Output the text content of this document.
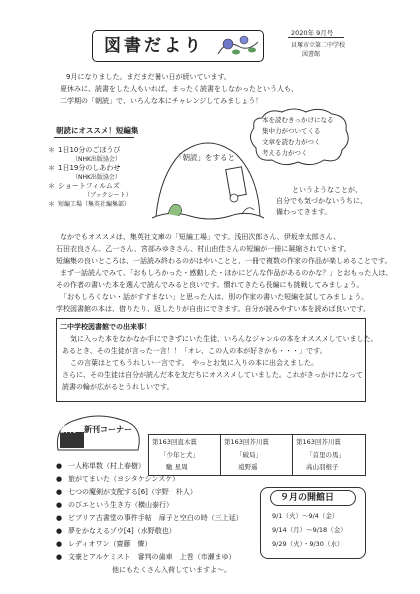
図書だより
2020年 9月号
貝塚市立第二中学校
図書館
9月になりました。まだまだ暑い日が続いています。
夏休みに、読書をした人もいれば、まったく読書をしなかったという人も、
二学期の「朝読」で、いろんな本にチャレンジしてみましょう！
本を読むきっかけになる
集中力がついてくる
文章を読む力がつく
考える力がつく
朝読にオススメ！短編集
＊ 1日10分のごほうび
（NHK出版協会）
＊ 1日19分のしあわせ
（NHK出版協会）
＊ ショートフィルムズ
（ブックシート）
＊ 短編工場（集英社編集部）
「朝読」をすると
というようなことが、
自分でも気づかないうちに、
備わってきます。
なかでもオススメは、集英社文庫の「短編工場」です。浅田次郎さん、伊坂幸太郎さん、
石田衣良さん、乙一さん、宮部みゆきさん、村山由佳さんの短編が一冊に凝縮されています。
短編集の良いところは、一話読み終わるのがはやいことと、一冊で複数の作家の作品が楽しめることです。
まず一話読んでみて、「おもしろかった・感動した・ほかにどんな作品があるのかな？」とおもった人は、
その作者の書いた本を選んで読んでみると良いです。慣れてきたら長編にも挑戦してみましょう。
「おもしろくない・話がすすまない」と思った人は、別の作家の書いた短編を試してみましょう。
学校図書館の本は、借りたり、返したりが自由にできます。自分が読みやすい本を読めば良いです。
二中学校図書館での出来事！
気に入った本をなかなか手にできずにいた生徒、いろんなジャンルの本をオススメしていました。
あるとき、その生徒が言った一言！！「オレ、この人の本が好きかも・・・」です。
この言葉はとてもうれしい一言です。　やっとお気に入りの本に出会えました。
さらに、その生徒は自分が読んだ本を友だちにオススメしていました。これがきっかけになって
読書の輪が広がるとうれしいです。
新刊 新刊コーナー
● 一人称単数（村上春樹）
● 旅がてまいた（ヨシタケシンスケ）
● 七つの魔剣が支配する[6]（宇野　朴人）
● のびエという生き方（横山泰行）
● ビブリア古書堂の事件手帖　扉子と空白の時（三上延）
● 夢をかなえるゾウ[4]（水野敬也）
● レディオワン（齋藤　憐）
● 文豪とアルケミスト　審判の歯車　上巻（市瀬まゆ）
他にもたくさん入荷していますよ～。
第163回直木賞	第163回芥川賞	第163回芥川賞
「少年と犬」	「破局」	「首里の馬」
馳 星周	遠野遥	高山羽根子
９月の開館日
9/1（火）～9/4（金）
9/14（月）～9/18（金）
9/29（火）・9/30（水）
